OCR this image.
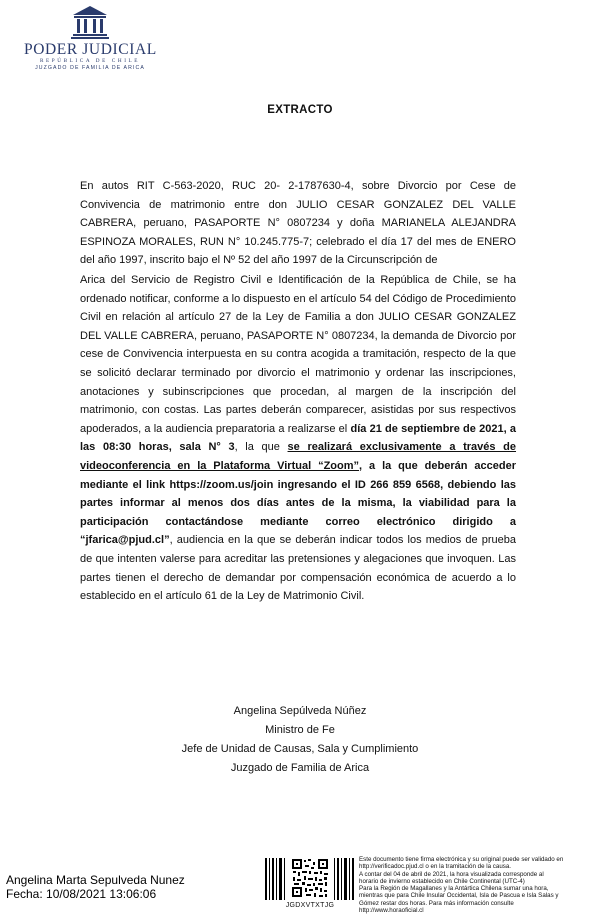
PODER JUDICIAL
REPÚBLICA DE CHILE
JUZGADO DE FAMILIA DE ARICA
EXTRACTO

En autos RIT C-563-2020, RUC 20- 2-1787630-4, sobre Divorcio por Cese de Convivencia de matrimonio entre don JULIO CESAR GONZALEZ DEL VALLE CABRERA, peruano, PASAPORTE N° 0807234 y doña MARIANELA ALEJANDRA ESPINOZA MORALES, RUN N° 10.245.775-7; celebrado el día 17 del mes de ENERO del año 1997, inscrito bajo el Nº 52 del año 1997 de la Circunscripción de

Arica del Servicio de Registro Civil e Identificación de la República de Chile, se ha ordenado notificar, conforme a lo dispuesto en el artículo 54 del Código de Procedimiento Civil en relación al artículo 27 de la Ley de Familia a don JULIO CESAR GONZALEZ DEL VALLE CABRERA, peruano, PASAPORTE N° 0807234, la demanda de Divorcio por cese de Convivencia interpuesta en su contra acogida a tramitación, respecto de la que se solicitó declarar terminado por divorcio el matrimonio y ordenar las inscripciones, anotaciones y subinscripciones que procedan, al margen de la inscripción del matrimonio, con costas. Las partes deberán comparecer, asistidas por sus respectivos apoderados, a la audiencia preparatoria a realizarse el día 21 de septiembre de 2021, a las 08:30 horas, sala N° 3, la que se realizará exclusivamente a través de videoconferencia en la Plataforma Virtual “Zoom”, a la que deberán acceder mediante el link https://zoom.us/join ingresando el ID 266 859 6568, debiendo las partes informar al menos dos días antes de la misma, la viabilidad para la participación contactándose mediante correo electrónico dirigido a “jfarica@pjud.cl”, audiencia en la que se deberán indicar todos los medios de prueba de que intenten valerse para acreditar las pretensiones y alegaciones que invoquen. Las partes tienen el derecho de demandar por compensación económica de acuerdo a lo establecido en el artículo 61 de la Ley de Matrimonio Civil.

Angelina Sepúlveda Núñez
Ministro de Fe
Jefe de Unidad de Causas, Sala y Cumplimiento
Juzgado de Familia de Arica
Angelina Marta Sepulveda Nunez
Fecha: 10/08/2021 13:06:06
JGDXVTXTJG
Este documento tiene firma electrónica y su original puede ser validado en
http://verificadoc.pjud.cl o en la tramitación de la causa.
A contar del 04 de abril de 2021, la hora visualizada corresponde al
horario de invierno establecido en Chile Continental (UTC-4)
Para la Región de Magallanes y la Antártica Chilena sumar una hora,
mientras que para Chile Insular Occidental, Isla de Pascua e Isla Salas y
Gómez restar dos horas. Para más información consulte
http://www.horaoficial.cl
